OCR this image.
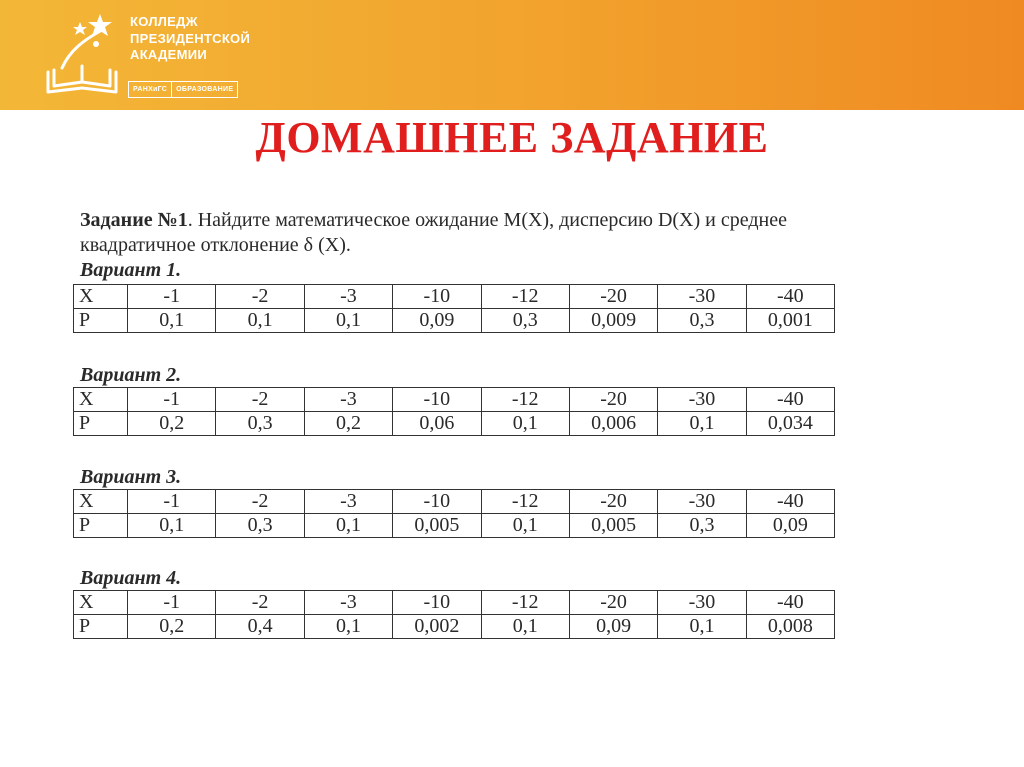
КОЛЛЕДЖ
ПРЕЗИДЕНТСКОЙ
АКАДЕМИИ
РАНХиГС	ОБРАЗОВАНИЕ
ДОМАШНЕЕ ЗАДАНИЕ
Задание №1. Найдите математическое ожидание M(X), дисперсию D(X) и среднее
квадратичное отклонение δ (X).
Вариант 1.
X	-1	-2	-3	-10	-12	-20	-30	-40
P	0,1	0,1	0,1	0,09	0,3	0,009	0,3	0,001
Вариант 2.
X	-1	-2	-3	-10	-12	-20	-30	-40
P	0,2	0,3	0,2	0,06	0,1	0,006	0,1	0,034
Вариант 3.
X	-1	-2	-3	-10	-12	-20	-30	-40
P	0,1	0,3	0,1	0,005	0,1	0,005	0,3	0,09
Вариант 4.
X	-1	-2	-3	-10	-12	-20	-30	-40
P	0,2	0,4	0,1	0,002	0,1	0,09	0,1	0,008
